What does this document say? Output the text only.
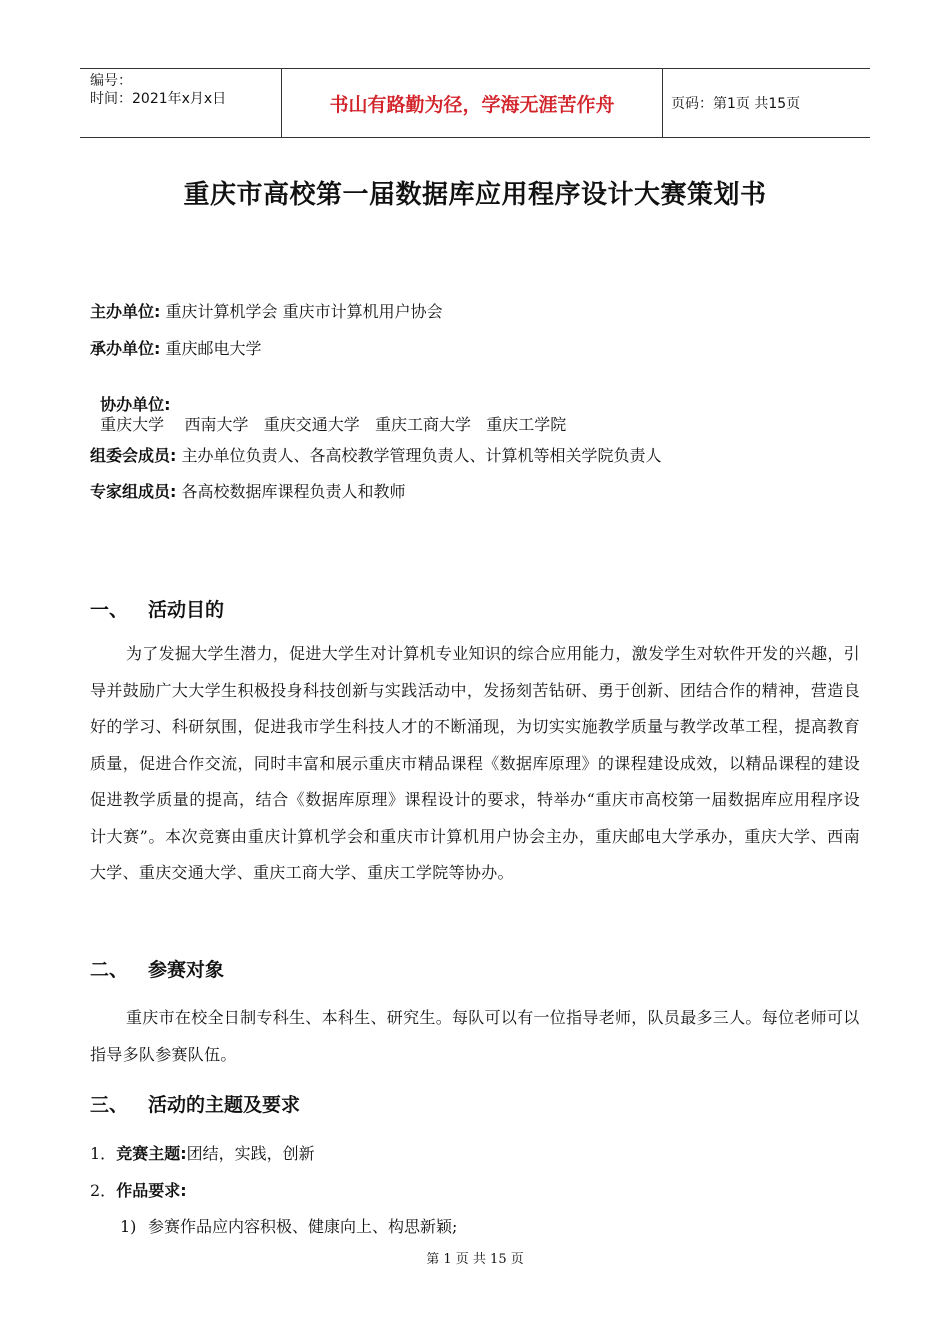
编号：
时间：2021年x月x日	书山有路勤为径，学海无涯苦作舟	页码：第1页 共15页
重庆市高校第一届数据库应用程序设计大赛策划书
主办单位: 重庆计算机学会 重庆市计算机用户协会
承办单位: 重庆邮电大学

协办单位:
重庆大学    西南大学   重庆交通大学   重庆工商大学   重庆工学院

组委会成员: 主办单位负责人、各高校教学管理负责人、计算机等相关学院负责人
专家组成员: 各高校数据库课程负责人和教师
一、 活动目的
为了发掘大学生潜力，促进大学生对计算机专业知识的综合应用能力，激发学生对软件开发的兴趣，引导并鼓励广大大学生积极投身科技创新与实践活动中，发扬刻苦钻研、勇于创新、团结合作的精神，营造良好的学习、科研氛围，促进我市学生科技人才的不断涌现，为切实实施教学质量与教学改革工程，提高教育质量，促进合作交流，同时丰富和展示重庆市精品课程《数据库原理》的课程建设成效，以精品课程的建设促进教学质量的提高，结合《数据库原理》课程设计的要求，特举办“重庆市高校第一届数据库应用程序设计大赛”。本次竞赛由重庆计算机学会和重庆市计算机用户协会主办，重庆邮电大学承办，重庆大学、西南大学、重庆交通大学、重庆工商大学、重庆工学院等协办。
二、 参赛对象
重庆市在校全日制专科生、本科生、研究生。每队可以有一位指导老师，队员最多三人。每位老师可以指导多队参赛队伍。
三、 活动的主题及要求
1．竞赛主题:团结，实践，创新
2．作品要求:
1) 参赛作品应内容积极、健康向上、构思新颖;
第 1 页 共 15 页
